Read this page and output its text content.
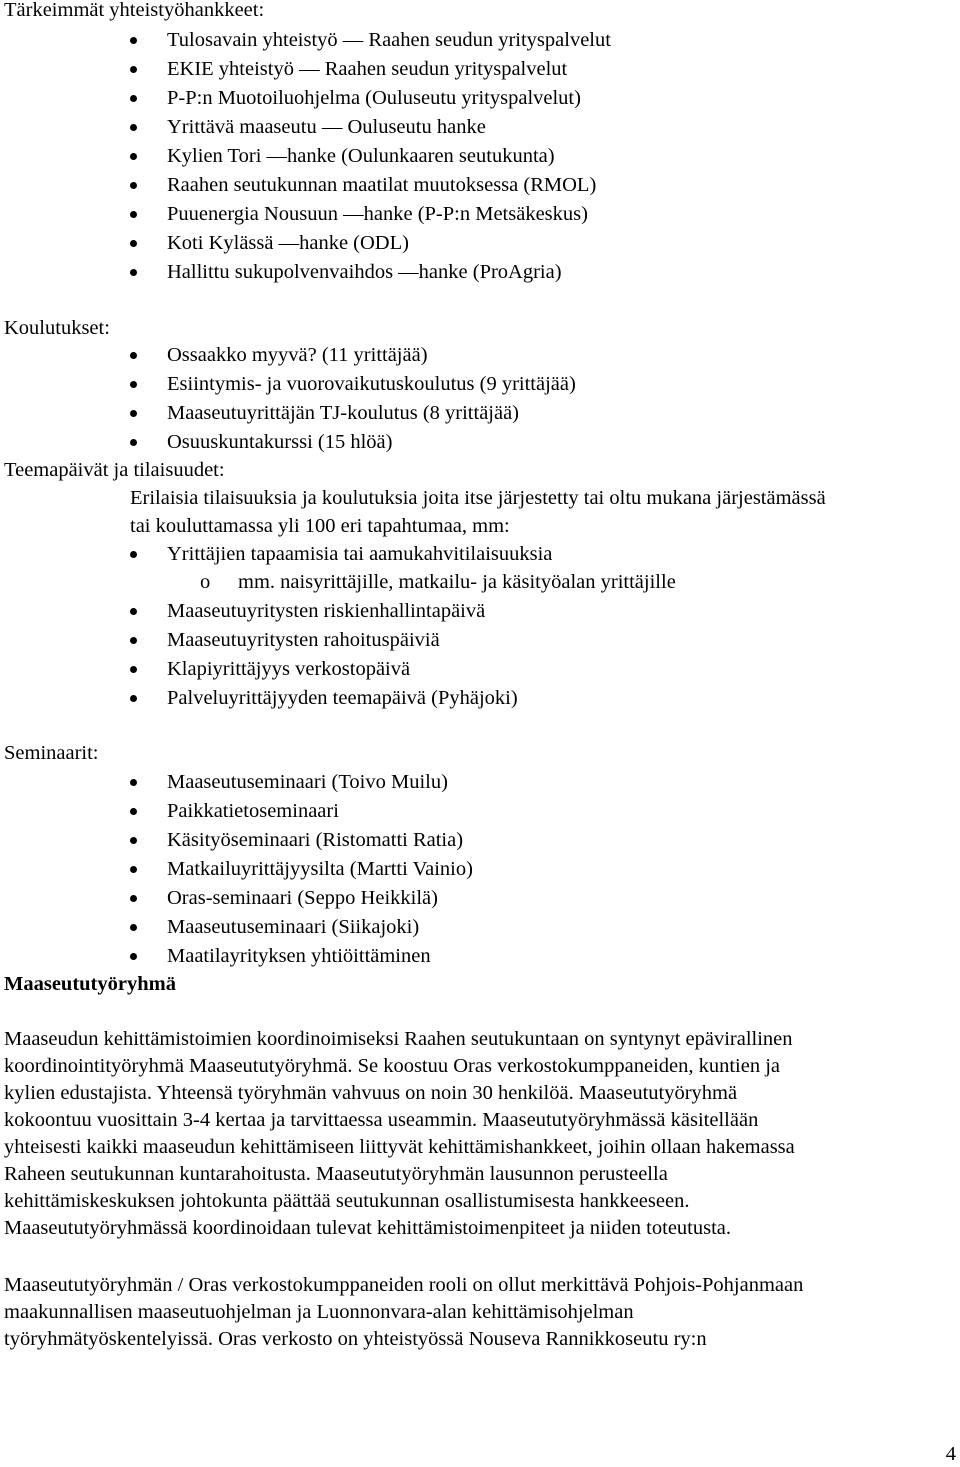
Tärkeimmät yhteistyöhankkeet:
Tulosavain yhteistyö — Raahen seudun yrityspalvelut
EKIE yhteistyö — Raahen seudun yrityspalvelut
P-P:n Muotoiluohjelma (Ouluseutu yrityspalvelut)
Yrittävä maaseutu — Ouluseutu hanke
Kylien Tori —hanke (Oulunkaaren seutukunta)
Raahen seutukunnan maatilat muutoksessa (RMOL)
Puuenergia Nousuun —hanke (P-P:n Metsäkeskus)
Koti Kylässä —hanke (ODL)
Hallittu sukupolvenvaihdos —hanke (ProAgria)
Koulutukset:
Ossaakko myyvä? (11 yrittäjää)
Esiintymis- ja vuorovaikutuskoulutus (9 yrittäjää)
Maaseutuyrittäjän TJ-koulutus (8 yrittäjää)
Osuuskuntakurssi (15 hlöä)
Teemapäivät ja tilaisuudet:
Erilaisia tilaisuuksia ja koulutuksia joita itse järjestetty tai oltu mukana järjestämässä
tai kouluttamassa yli 100 eri tapahtumaa, mm:
Yrittäjien tapaamisia tai aamukahvitilaisuuksia
o mm. naisyrittäjille, matkailu- ja käsityöalan yrittäjille
Maaseutuyritysten riskienhallintapäivä
Maaseutuyritysten rahoituspäiviä
Klapiyrittäjyys verkostopäivä
Palveluyrittäjyyden teemapäivä (Pyhäjoki)
Seminaarit:
Maaseutuseminaari (Toivo Muilu)
Paikkatietoseminaari
Käsityöseminaari (Ristomatti Ratia)
Matkailuyrittäjyysilta (Martti Vainio)
Oras-seminaari (Seppo Heikkilä)
Maaseutuseminaari (Siikajoki)
Maatilayrityksen yhtiöittäminen
Maaseututyöryhmä
Maaseudun kehittämistoimien koordinoimiseksi Raahen seutukuntaan on syntynyt epävirallinen
koordinointityöryhmä Maaseututyöryhmä. Se koostuu Oras verkostokumppaneiden, kuntien ja
kylien edustajista. Yhteensä työryhmän vahvuus on noin 30 henkilöä. Maaseututyöryhmä
kokoontuu vuosittain 3-4 kertaa ja tarvittaessa useammin. Maaseututyöryhmässä käsitellään
yhteisesti kaikki maaseudun kehittämiseen liittyvät kehittämishankkeet, joihin ollaan hakemassa
Raheen seutukunnan kuntarahoitusta. Maaseututyöryhmän lausunnon perusteella
kehittämiskeskuksen johtokunta päättää seutukunnan osallistumisesta hankkeeseen.
Maaseututyöryhmässä koordinoidaan tulevat kehittämistoimenpiteet ja niiden toteutusta.
Maaseututyöryhmän / Oras verkostokumppaneiden rooli on ollut merkittävä Pohjois-Pohjanmaan
maakunnallisen maaseutuohjelman ja Luonnonvara-alan kehittämisohjelman
työryhmätyöskentelyissä. Oras verkosto on yhteistyössä Nouseva Rannikkoseutu ry:n
4
